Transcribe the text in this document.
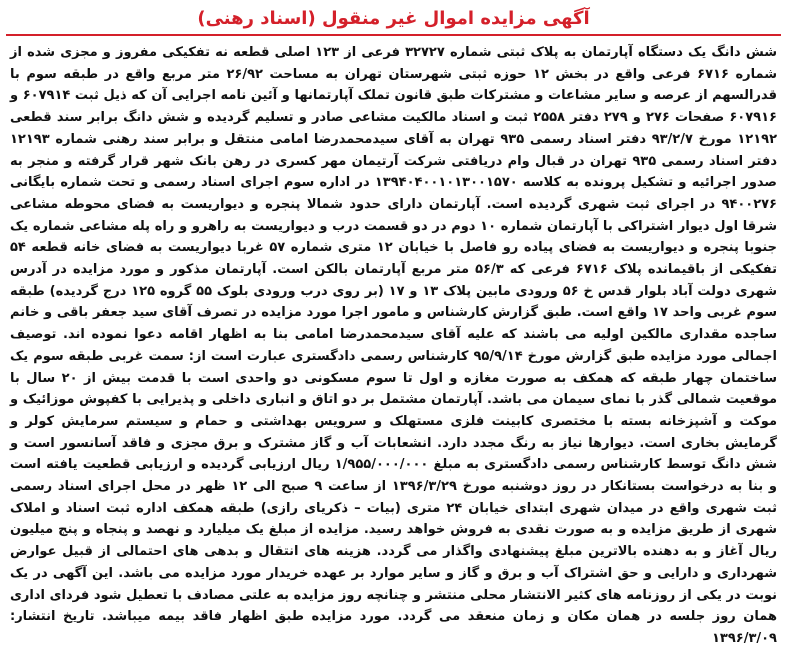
آگهی مزایده اموال غیر منقول (اسناد رهنی)
شش دانگ یک دستگاه آپارتمان به پلاک ثبتی شماره ۳۲۷۲۷ فرعی از ۱۲۳ اصلی قطعه نه تفکیکی مفروز و مجزی شده از شماره ۶۷۱۶ فرعی واقع در بخش ۱۲ حوزه ثبتی شهرستان تهران به مساحت ۲۶/۹۲ متر مربع واقع در طبقه سوم با قدرالسهم از عرصه و سایر مشاعات و مشترکات طبق قانون تملک آپارتمانها و آئین نامه اجرایی آن که ذیل ثبت ۶۰۷۹۱۴ و ۶۰۷۹۱۶ صفحات ۲۷۶ و ۲۷۹ دفتر ۲۵۵۸ ثبت و اسناد مالکیت مشاعی صادر و تسلیم گردیده و شش دانگ برابر سند قطعی ۱۲۱۹۲ مورخ ۹۳/۲/۷ دفتر اسناد رسمی ۹۳۵ تهران به آقای سیدمحمدرضا امامی منتقل و برابر سند رهنی شماره ۱۲۱۹۳ دفتر اسناد رسمی ۹۳۵ تهران در قبال وام دریافتی شرکت آرتیمان مهر کسری در رهن بانک شهر قرار گرفته و منجر به صدور اجرائیه و تشکیل پرونده به کلاسه ۱۳۹۴۰۴۰۰۱۰۱۳۰۰۱۵۷۰ در اداره سوم اجرای اسناد رسمی و تحت شماره بایگانی ۹۴۰۰۲۷۶ در اجرای ثبت شهری گردیده است. آپارتمان دارای حدود شمالا پنجره و دیواریست به فضای محوطه مشاعی شرقا اول دیوار اشتراکی با آپارتمان شماره ۱۰ دوم در دو قسمت درب و دیواریست به راهرو و راه پله مشاعی شماره یک جنوبا پنجره و دیواریست به فضای پیاده رو فاصل با خیابان ۱۲ متری شماره ۵۷ غربا دیواریست به فضای خانه قطعه ۵۴ تفکیکی از باقیمانده پلاک ۶۷۱۶ فرعی که ۵۶/۳ متر مربع آپارتمان بالکن است. آپارتمان مذکور و مورد مزایده در آدرس شهری دولت آباد بلوار قدس خ ۵۶ ورودی مابین پلاک ۱۳ و ۱۷ (بر روی درب ورودی بلوک ۵۵ گروه ۱۲۵ درج گردیده) طبقه سوم غربی واحد ۱۷ واقع است. طبق گزارش کارشناس و مامور اجرا مورد مزایده در تصرف آقای سید جعفر باقی و خانم ساجده مقداری مالکین اولیه می باشند که علیه آقای سیدمحمدرضا امامی بنا به اظهار اقامه دعوا نموده اند. توصیف اجمالی مورد مزایده طبق گزارش مورخ ۹۵/۹/۱۴ کارشناس رسمی دادگستری عبارت است از: سمت غربی طبقه سوم یک ساختمان چهار طبقه که همکف به صورت مغازه و اول تا سوم مسکونی دو واحدی است با قدمت بیش از ۲۰ سال با موقعیت شمالی گذر با نمای سیمان می باشد. آپارتمان مشتمل بر دو اتاق و انباری داخلی و پذیرایی با کفپوش موزائیک و موکت و آشپزخانه بسته با مختصری کابینت فلزی مستهلک و سرویس بهداشتی و حمام و سیستم سرمایش کولر و گرمایش بخاری است. دیوارها نیاز به رنگ مجدد دارد. انشعابات آب و گاز مشترک و برق مجزی و فاقد آسانسور است و شش دانگ توسط کارشناس رسمی دادگستری به مبلغ ۱/۹۵۵/۰۰۰/۰۰۰ ریال ارزیابی گردیده و ارزیابی قطعیت یافته است و بنا به درخواست بستانکار در روز دوشنبه مورخ ۱۳۹۶/۳/۲۹ از ساعت ۹ صبح الی ۱۲ ظهر در محل اجرای اسناد رسمی ثبت شهری واقع در میدان شهری ابتدای خیابان ۲۴ متری (بیات – ذکریای رازی) طبقه همکف اداره ثبت اسناد و املاک شهری از طریق مزایده و به صورت نقدی به فروش خواهد رسید. مزایده از مبلغ یک میلیارد و نهصد و پنجاه و پنج میلیون ریال آغاز و به دهنده بالاترین مبلغ پیشنهادی واگذار می گردد. هزینه های انتقال و بدهی های احتمالی از قبیل عوارض شهرداری و دارایی و حق اشتراک آب و برق و گاز و سایر موارد بر عهده خریدار مورد مزایده می باشد. این آگهی در یک نوبت در یکی از روزنامه های کثیر الانتشار محلی منتشر و چنانچه روز مزایده به علتی مصادف با تعطیل شود فردای اداری همان روز جلسه در همان مکان و زمان منعقد می گردد. مورد مزایده طبق اظهار فاقد بیمه میباشد. تاریخ انتشار: ۱۳۹۶/۳/۰۹
